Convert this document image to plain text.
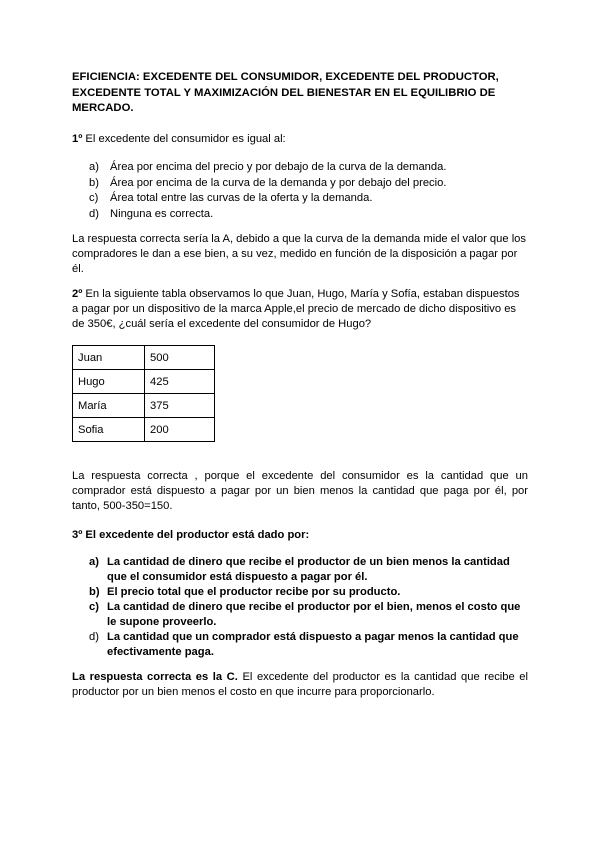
EFICIENCIA: EXCEDENTE DEL CONSUMIDOR, EXCEDENTE DEL PRODUCTOR, EXCEDENTE TOTAL Y MAXIMIZACIÓN DEL BIENESTAR EN EL EQUILIBRIO DE MERCADO.
1º El excedente del consumidor es igual al:
a) Área por encima del precio y por debajo de la curva de la demanda.
b) Área por encima de la curva de la demanda y por debajo del precio.
c)	Área total entre las curvas de la oferta y la demanda.
d) Ninguna es correcta.
La respuesta correcta sería la A, debido a que la curva de la demanda mide el valor que los compradores le dan a ese bien, a su vez, medido en función de la disposición a pagar por él.
2º En la siguiente tabla observamos lo que Juan, Hugo, María y Sofía, estaban dispuestos a pagar por un dispositivo de la marca Apple,el precio de mercado de dicho dispositivo es de 350€, ¿cuál sería el excedente del consumidor de Hugo?
Juan	500
Hugo	425
María	375
Sofia	200
La respuesta correcta , porque el excedente del consumidor es la cantidad que un comprador está dispuesto a pagar por un bien menos la cantidad que paga por él, por tanto, 500-350=150.
3º El excedente del productor está dado por:
a) La cantidad de dinero que recibe el productor de un bien menos la cantidad que el consumidor está dispuesto a pagar por él.
b) El precio total que el productor recibe por su producto.
c) La cantidad de dinero que recibe el productor por el bien, menos el costo que le supone proveerlo.
d) La cantidad que un comprador está dispuesto a pagar menos la cantidad que efectivamente paga.
La respuesta correcta es la C. El excedente del productor es la cantidad que recibe el productor por un bien menos el costo en que incurre para proporcionarlo.
